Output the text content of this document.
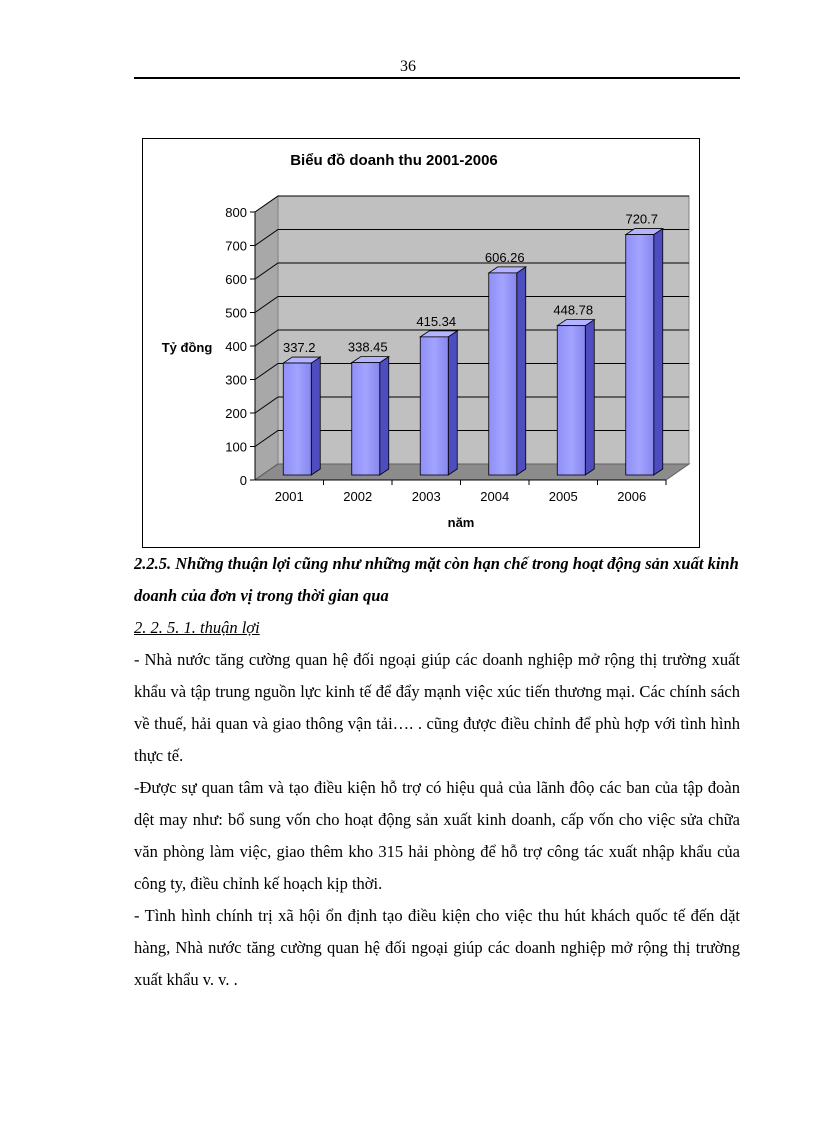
36
0
100
200
300
400
500
600
700
800
337.2
2001
338.45
2002
415.34
2003
606.26
2004
448.78
2005
720.7
2006
Biểu đồ doanh thu 2001-2006
Tỷ đồng
năm

2.2.5. Những thuận lợi cũng như những mặt còn hạn chế trong hoạt động sản xuất kinh doanh của đơn vị trong thời gian qua

2. 2. 5. 1. thuận lợi

- Nhà nước tăng cường quan hệ đối ngoại giúp các doanh nghiệp mở rộng thị trường xuất khẩu và tập trung nguồn lực kinh tế để đẩy mạnh việc xúc tiến thương mại. Các chính sách về thuế, hải quan và giao thông vận tải…. . cũng được điều chỉnh để phù hợp với tình hình thực tế.

-Được sự quan tâm và tạo điều kiện hỗ trợ có hiệu quả của lãnh đôọ các ban của tập đoàn dệt may như: bổ sung vốn cho hoạt động sản xuất kinh doanh, cấp vốn cho việc sửa chữa văn phòng làm việc, giao thêm kho 315 hải phòng để hỗ trợ công tác xuất nhập khẩu của công ty, điều chỉnh kế hoạch kịp thời.

- Tình hình chính trị xã hội ổn định tạo điều kiện cho việc thu hút khách quốc tế đến dặt hàng, Nhà nước tăng cường quan hệ đối ngoại giúp các doanh nghiệp mở rộng thị trường xuất khẩu v. v. .
